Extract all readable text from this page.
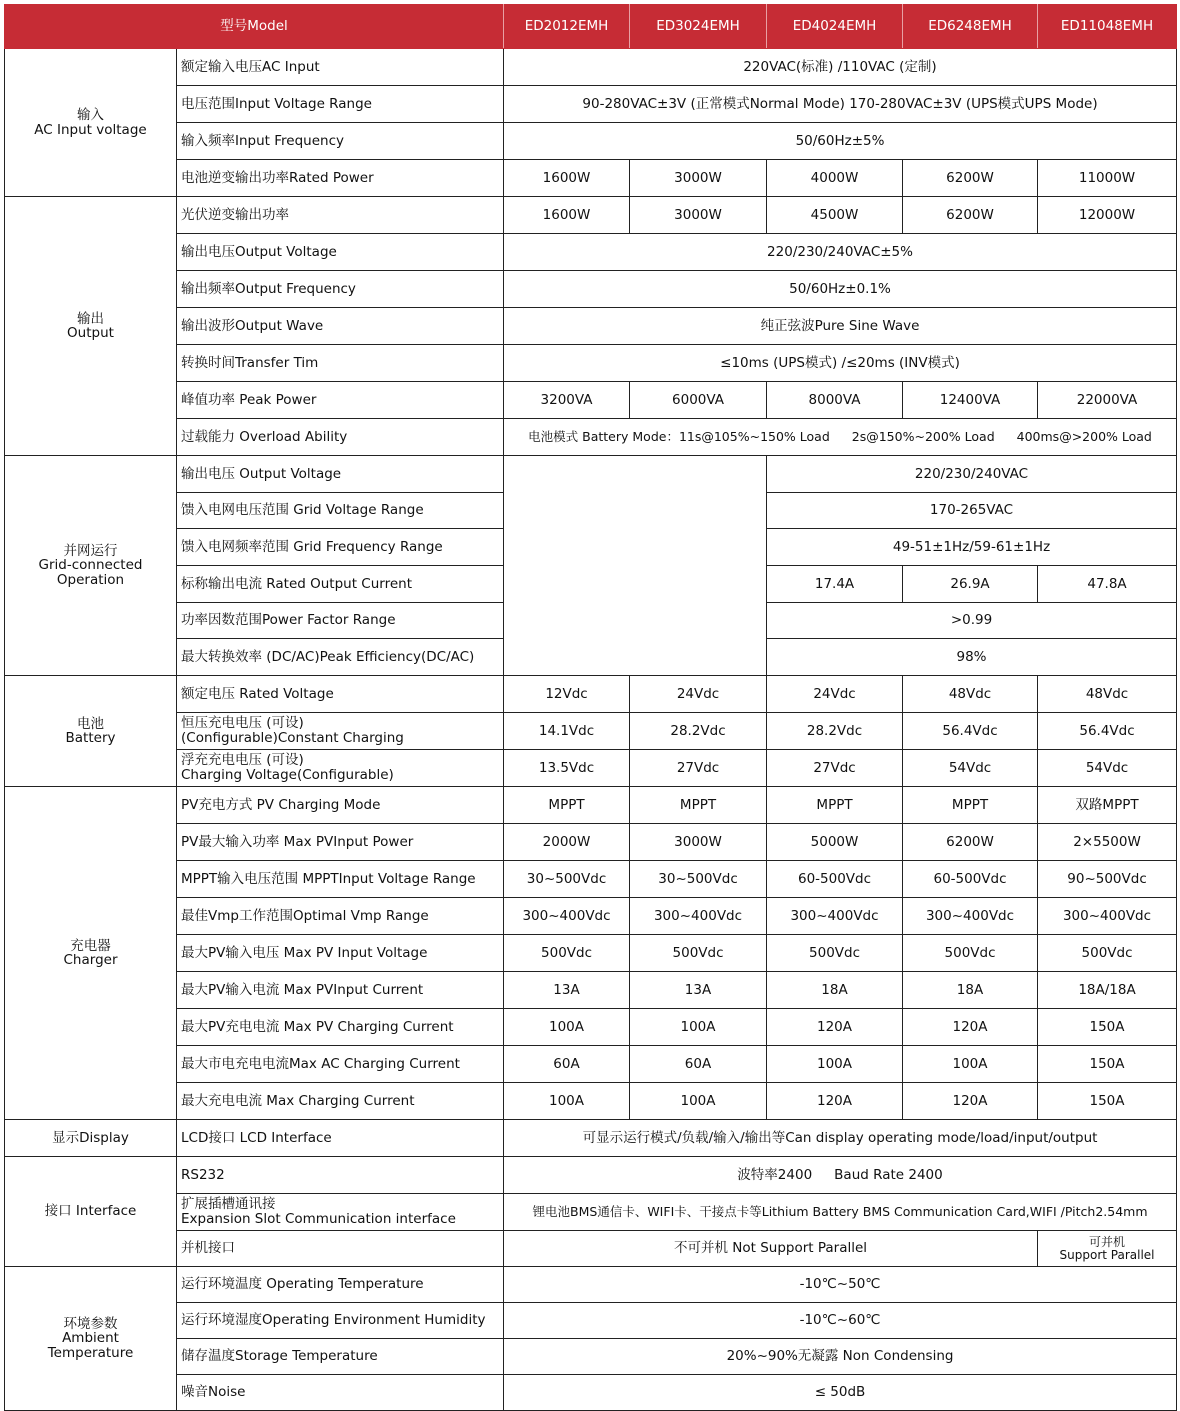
型号Model		ED2012EMH	ED3024EMH	ED4024EMH	ED6248EMH	ED11048EMH
输入
AC Input voltage	额定输入电压AC Input	220VAC(标准) /110VAC (定制)				
	电压范围Input Voltage Range	90-280VAC±3V (正常模式Normal Mode) 170-280VAC±3V (UPS模式UPS Mode)				
	输入频率Input Frequency	50/60Hz±5%				
	电池逆变输出功率Rated Power	1600W	3000W	4000W	6200W	11000W
输出
Output	光伏逆变输出功率	1600W	3000W	4500W	6200W	12000W
	输出电压Output Voltage	220/230/240VAC±5%				
	输出频率Output Frequency	50/60Hz±0.1%				
	输出波形Output Wave	纯正弦波Pure Sine Wave				
	转换时间Transfer Tim	≤10ms (UPS模式) /≤20ms (INV模式)				
	峰值功率 Peak Power	3200VA	6000VA	8000VA	12400VA	22000VA
	过载能力 Overload Ability	电池模式 Battery Mode：11s@105%~150% Load 2s@150%~200% Load 400ms@>200% Load				
并网运行
Grid-connected
Operation	输出电压 Output Voltage			220/230/240VAC		
	馈入电网电压范围 Grid Voltage Range			170-265VAC		
	馈入电网频率范围 Grid Frequency Range			49-51±1Hz/59-61±1Hz		
	标称输出电流 Rated Output Current			17.4A	26.9A	47.8A
	功率因数范围Power Factor Range			>0.99		
	最大转换效率 (DC/AC)Peak Efficiency(DC/AC)			98%		
电池
Battery	额定电压 Rated Voltage	12Vdc	24Vdc	24Vdc	48Vdc	48Vdc

	恒压充电电压 (可设)
(Configurable)Constant Charging	14.1Vdc	28.2Vdc	28.2Vdc	56.4Vdc	56.4Vdc

	浮充充电电压 (可设)
Charging Voltage(Configurable)	13.5Vdc	27Vdc	27Vdc	54Vdc	54Vdc
充电器
Charger	PV充电方式 PV Charging Mode	MPPT	MPPT	MPPT	MPPT	双路MPPT
	PV最大输入功率 Max PVInput Power	2000W	3000W	5000W	6200W	2×5500W
	MPPT输入电压范围 MPPTInput Voltage Range	30~500Vdc	30~500Vdc	60-500Vdc	60-500Vdc	90~500Vdc
	最佳Vmp工作范围Optimal Vmp Range	300~400Vdc	300~400Vdc	300~400Vdc	300~400Vdc	300~400Vdc
	最大PV输入电压 Max PV Input Voltage	500Vdc	500Vdc	500Vdc	500Vdc	500Vdc
	最大PV输入电流 Max PVInput Current	13A	13A	18A	18A	18A/18A
	最大PV充电电流 Max PV Charging Current	100A	100A	120A	120A	150A
	最大市电充电电流Max AC Charging Current	60A	60A	100A	100A	150A
	最大充电电流 Max Charging Current	100A	100A	120A	120A	150A
显示Display	LCD接口 LCD Interface	可显示运行模式/负载/输入/输出等Can display operating mode/load/input/output				
接口 Interface	RS232	波特率2400 Baud Rate 2400				

	扩展插槽通讯接
Expansion Slot Communication interface	锂电池BMS通信卡、WIFI卡、干接点卡等Lithium Battery BMS Communication Card,WIFI /Pitch2.54mm				
	并机接口	不可并机 Not Support Parallel				可并机
Support Parallel

环境参数
Ambient
Temperature	运行环境温度 Operating Temperature	-10℃~50℃				
	运行环境湿度Operating Environment Humidity	-10℃~60℃				
	储存温度Storage Temperature	20%~90%无凝露 Non Condensing				
	噪音Noise	≤ 50dB				
